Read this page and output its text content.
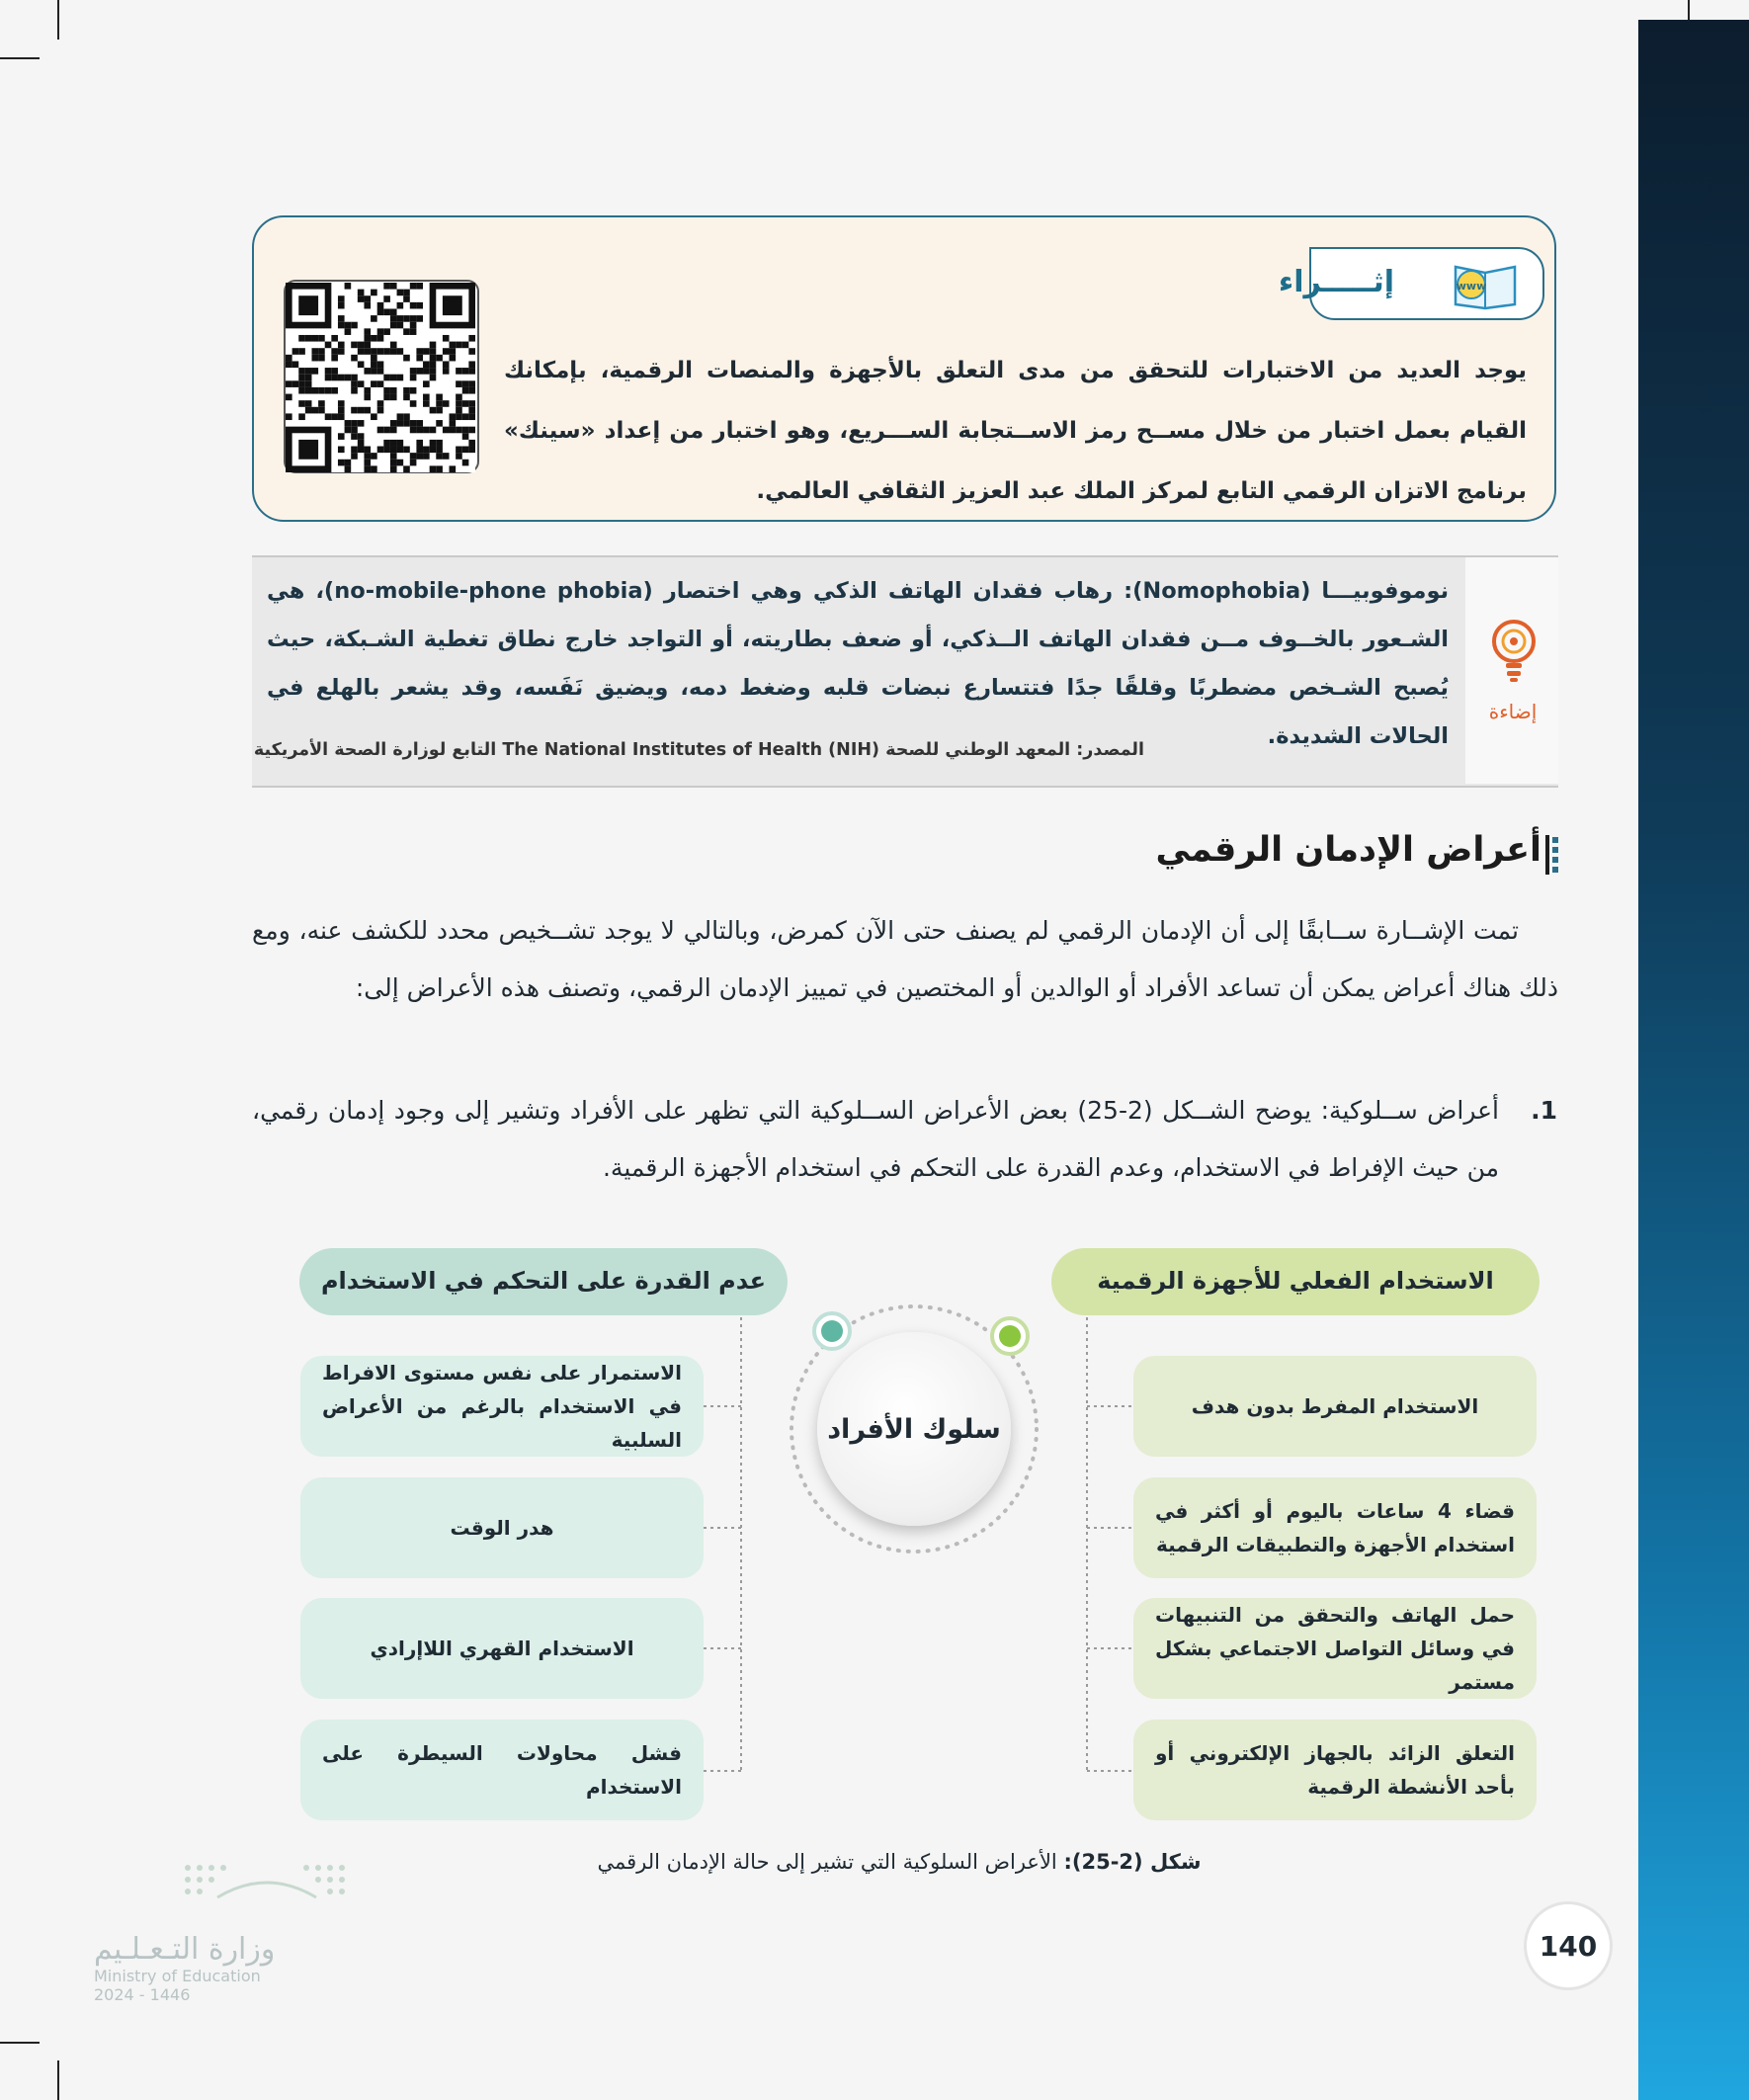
www
إثـــــراء
يوجد العديد من الاختبارات للتحقق من مدى التعلق بالأجهزة والمنصات الرقمية، بإمكانك القيام بعمل اختبار من خلال مســح رمز الاســتجابة الســـريع، وهو اختبار من إعداد «سينك» برنامج الاتزان الرقمي التابع لمركز الملك عبد العزيز الثقافي العالمي.
إضاءة
نوموفوبيـــا (Nomophobia): رهاب فقدان الهاتف الذكي وهي اختصار (no-mobile-phone phobia)، هي الشـعور بالخــوف مــن فقدان الهاتف الــذكي، أو ضعف بطاريته، أو التواجد خارج نطاق تغطية الشـبكة، حيث يُصبح الشـخص مضطربًا وقلقًا جدًا فتتسارع نبضات قلبه وضغط دمه، ويضيق نَفَسه، وقد يشعر بالهلع في الحالات الشديدة.
المصدر: المعهد الوطني للصحة The National Institutes of Health (NIH) التابع لوزارة الصحة الأمريكية
أعراض الإدمان الرقمي
تمت الإشــارة ســابقًا إلى أن الإدمان الرقمي لم يصنف حتى الآن كمرض، وبالتالي لا يوجد تشــخيص محدد للكشف عنه، ومع ذلك هناك أعراض يمكن أن تساعد الأفراد أو الوالدين أو المختصين في تمييز الإدمان الرقمي، وتصنف هذه الأعراض إلى:
1.
أعراض ســلوكية: يوضح الشــكل (2-25) بعض الأعراض الســلوكية التي تظهر على الأفراد وتشير إلى وجود إدمان رقمي، من حيث الإفراط في الاستخدام، وعدم القدرة على التحكم في استخدام الأجهزة الرقمية.
الاستخدام الفعلي للأجهزة الرقمية
عدم القدرة على التحكم في الاستخدام
سلوك الأفراد
الاستخدام المفرط بدون هدف
قضاء 4 ساعات باليوم أو أكثر في استخدام الأجهزة والتطبيقات الرقمية
حمل الهاتف والتحقق من التنبيهات في وسائل التواصل الاجتماعي بشكل مستمر
التعلق الزائد بالجهاز الإلكتروني أو بأحد الأنشطة الرقمية
الاستمرار على نفس مستوى الافراط في الاستخدام بالرغم من الأعراض السلبية
هدر الوقت
الاستخدام القهري اللاإرادي
فشل محاولات السيطرة على الاستخدام
شكل (2-25): الأعراض السلوكية التي تشير إلى حالة الإدمان الرقمي
140
وزارة التـعـلـيم
Ministry of Education
2024 - 1446
